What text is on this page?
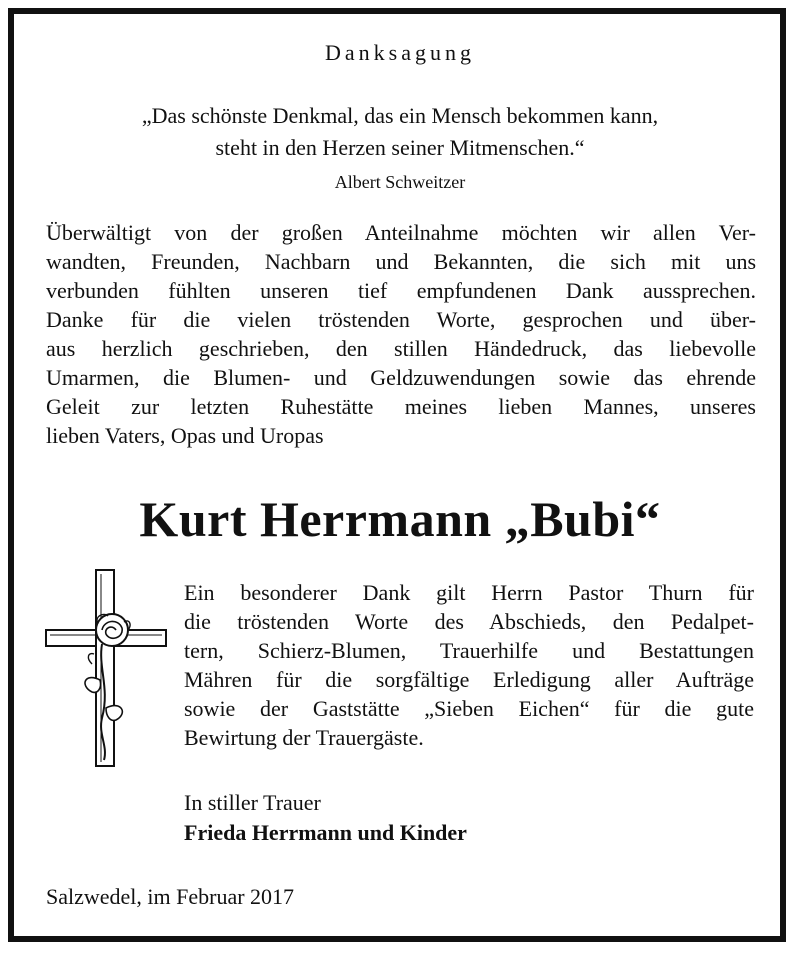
Danksagung
„Das schönste Denkmal, das ein Mensch bekommen kann,
steht in den Herzen seiner Mitmenschen.“
Albert Schweitzer
Überwältigt von der großen Anteilnahme möchten wir allen Ver-
wandten, Freunden, Nachbarn und Bekannten, die sich mit uns
verbunden fühlten unseren tief empfundenen Dank aussprechen.
Danke für die vielen tröstenden Worte, gesprochen und über-
aus herzlich geschrieben, den stillen Händedruck, das liebevolle
Umarmen, die Blumen- und Geldzuwendungen sowie das ehrende
Geleit zur letzten Ruhestätte meines lieben Mannes, unseres
lieben Vaters, Opas und Uropas
Kurt Herrmann „Bubi“
Ein besonderer Dank gilt Herrn Pastor Thurn für
die tröstenden Worte des Abschieds, den Pedalpet-
tern, Schierz-Blumen, Trauerhilfe und Bestattungen
Mähren für die sorgfältige Erledigung aller Aufträge
sowie der Gaststätte „Sieben Eichen“ für die gute
Bewirtung der Trauergäste.
In stiller Trauer
Frieda Herrmann und Kinder
Salzwedel, im Februar 2017
